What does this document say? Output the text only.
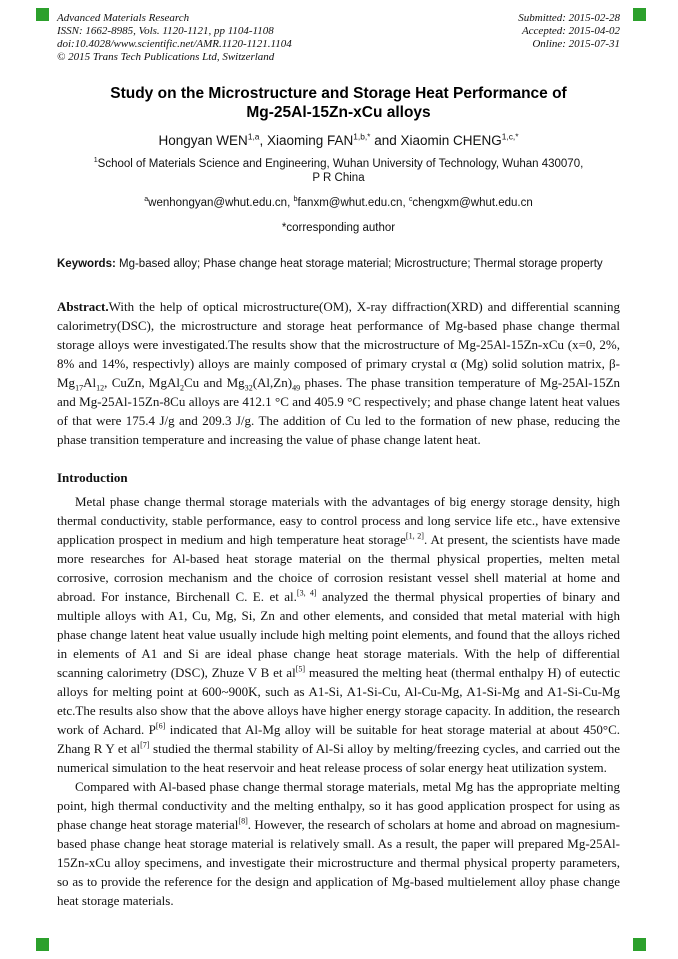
Advanced Materials Research
ISSN: 1662-8985, Vols. 1120-1121, pp 1104-1108
doi:10.4028/www.scientific.net/AMR.1120-1121.1104
© 2015 Trans Tech Publications Ltd, Switzerland
Submitted: 2015-02-28
Accepted: 2015-04-02
Online: 2015-07-31
Study on the Microstructure and Storage Heat Performance of
Mg-25Al-15Zn-xCu alloys
Hongyan WEN$^{1,a}$, Xiaoming $FAN^{1,b,*}$ and Xiaomin $CHENG^{1,c,*}$
$^1$School of Materials Science and Engineering, Wuhan University of Technology, Wuhan 430070,
P R China
$^a$wenhongyan@whut.edu.cn, $^b$fanxm@whut.edu.cn, $^c$chengxm@whut.edu.cn
*corresponding author

Keywords: Mg-based alloy; Phase change heat storage material; Microstructure; Thermal storage property

Abstract.With the help of optical microstructure(OM), X-ray diffraction(XRD) and differential scanning calorimetry(DSC), the microstructure and storage heat performance of Mg-based phase change thermal storage alloys were investigated.The results show that the microstructure of Mg-25Al-15Zn-xCu (x=0, 2%, 8% and 14%, respectivly) alloys are mainly composed of primary crystal α (Mg) solid solution matrix, $\beta-Mg_{17}Al_{12}$, CuZn, MgAl$_2$Cu and $Mg_{32}(Al,Zn)_{49}$ phases. The phase transition temperature of Mg-25Al-15Zn and Mg-25Al-15Zn-8Cu alloys are 412.1 °C and 405.9 °C respectively; and phase change latent heat values of that were 175.4 J/g and 209.3 J/g. The addition of Cu led to the formation of new phase, reducing the phase transition temperature and increasing the value of phase change latent heat.

Introduction

Metal phase change thermal storage materials with the advantages of big energy storage density, high thermal conductivity, stable performance, easy to control process and long service life etc., have extensive application prospect in medium and high temperature heat storage[1, 2]. At present, the scientists have made more researches for Al-based heat storage material on the thermal physical properties, melten metal corrosive, corrosion mechanism and the choice of corrosion resistant vessel shell material at home and abroad. For instance, Birchenall C. E. et al.[3, 4] analyzed the thermal physical properties of binary and multiple alloys with A1, Cu, Mg, Si, Zn and other elements, and consided that metal material with high phase change latent heat value usually include high melting point elements, and found that the alloys riched in elements of A1 and Si are ideal phase change heat storage materials. With the help of differential scanning calorimetry (DSC), Zhuze V B et al[5] measured the melting heat (thermal enthalpy H) of eutectic alloys for melting point at 600~900K, such as A1-Si, A1-Si-Cu, Al-Cu-Mg, A1-Si-Mg and A1-Si-Cu-Mg etc.The results also show that the above alloys have higher energy storage capacity. In addition, the research work of Achard. P[6] indicated that Al-Mg alloy will be suitable for heat storage material at about 450°C. Zhang R Y et al[7] studied the thermal stability of Al-Si alloy by melting/freezing cycles, and carried out the numerical simulation to the heat reservoir and heat release process of solar energy heat utilization system.

Compared with Al-based phase change thermal storage materials, metal Mg has the appropriate melting point, high thermal conductivity and the melting enthalpy, so it has good application prospect for using as phase change heat storage material[8]. However, the research of scholars at home and abroad on magnesium-based phase change heat storage material is relatively small. As a result, the paper will prepared Mg-25Al-15Zn-xCu alloy specimens, and investigate their microstructure and thermal physical property parameters, so as to provide the reference for the design and application of Mg-based multielement alloy phase change heat storage materials.
